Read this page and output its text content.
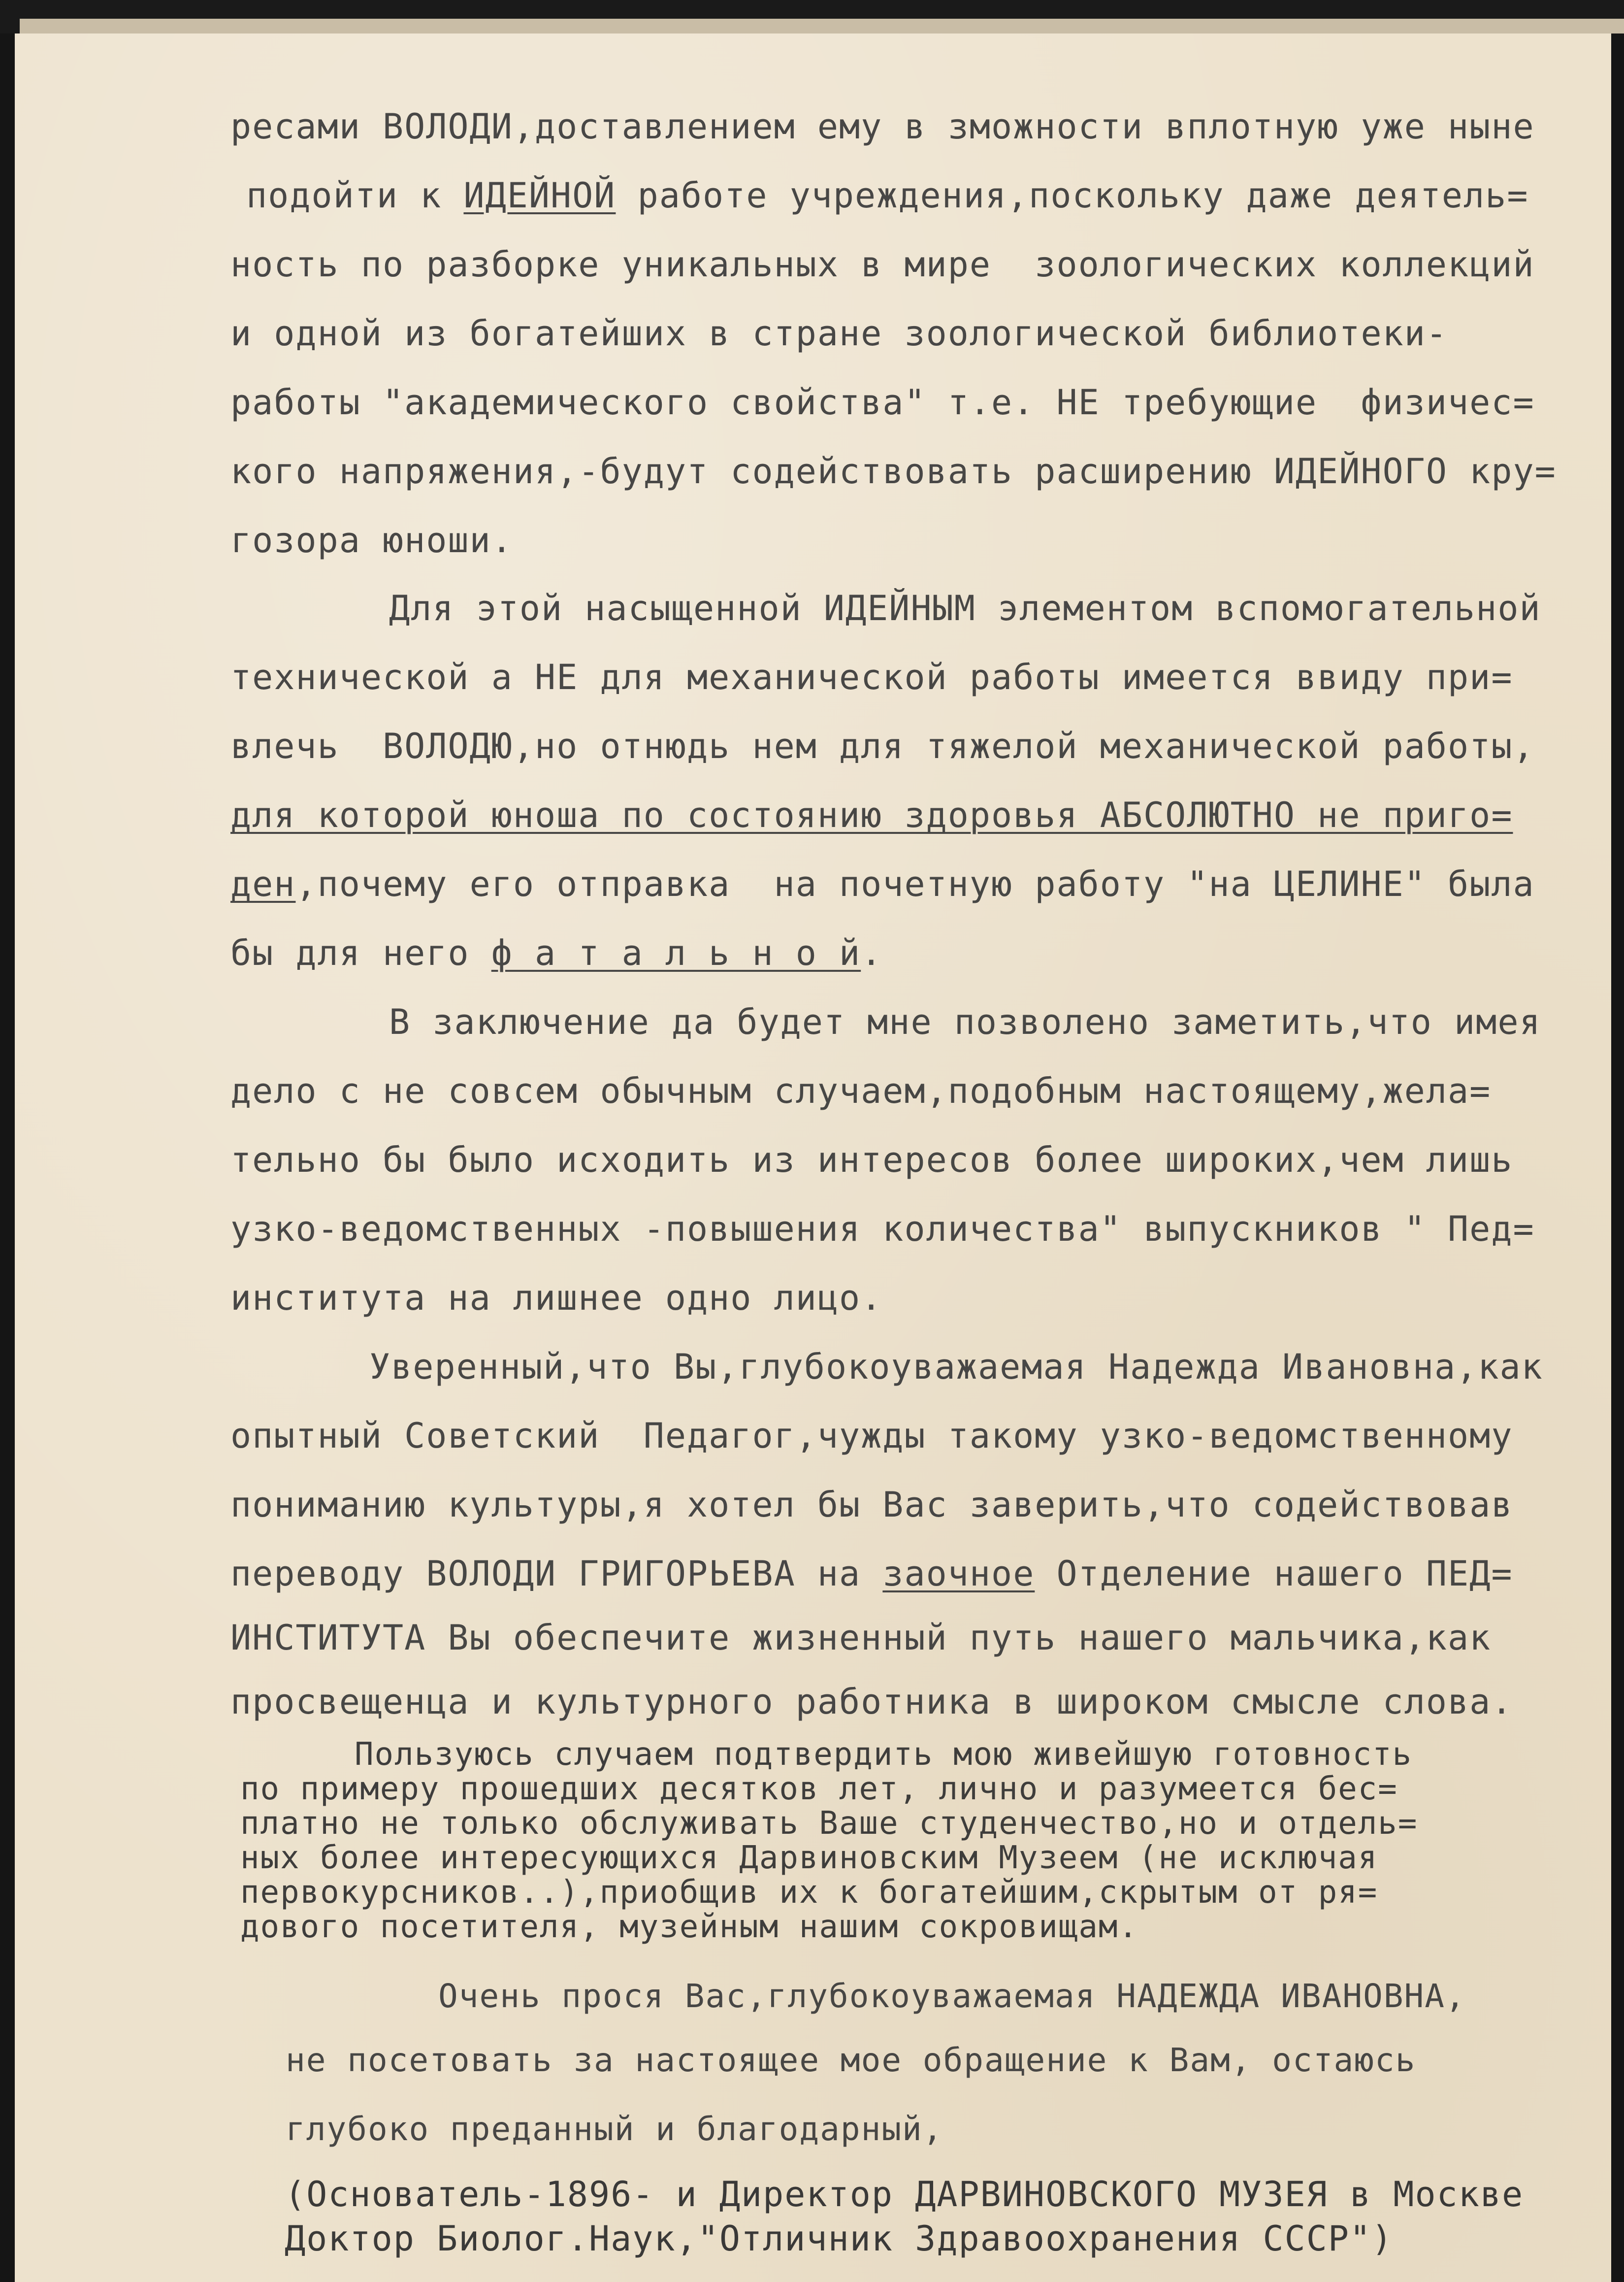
ресами ВОЛОДИ,доставлением ему в зможности вплотную уже ныне
подойти к ИДЕЙНОЙ работе учреждения,поскольку даже деятель=
ность по разборке уникальных в мире  зоологических коллекций
и одной из богатейших в стране зоологической библиотеки-
работы "академического свойства" т.е. НЕ требующие  физичес=
кого напряжения,-будут содействовать расширению ИДЕЙНОГО кру=
гозора юноши.
Для этой насыщенной ИДЕЙНЫМ элементом вспомогательной
технической а НЕ для механической работы имеется ввиду при=
влечь  ВОЛОДЮ,но отнюдь нем для тяжелой механической работы,
для которой юноша по состоянию здоровья АБСОЛЮТНО не приго=
ден,почему его отправка  на почетную работу "на ЦЕЛИНЕ" была
бы для него ф а т а л ь н о й.
В заключение да будет мне позволено заметить,что имея
дело с не совсем обычным случаем,подобным настоящему,жела=
тельно бы было исходить из интересов более широких,чем лишь
узко-ведомственных -повышения количества" выпускников " Пед=
института на лишнее одно лицо.
Уверенный,что Вы,глубокоуважаемая Надежда Ивановна,как
опытный Советский  Педагог,чужды такому узко-ведомственному
пониманию культуры,я хотел бы Вас заверить,что содействовав
переводу ВОЛОДИ ГРИГОРЬЕВА на заочное Отделение нашего ПЕД=
ИНСТИТУТА Вы обеспечите жизненный путь нашего мальчика,как
просвещенца и культурного работника в широком смысле слова.
Пользуюсь случаем подтвердить мою живейшую готовность
по примеру прошедших десятков лет, лично и разумеется бес=
платно не только обслуживать Ваше студенчество,но и отдель=
ных более интересующихся Дарвиновским Музеем (не исключая
первокурсников..),приобщив их к богатейшим,скрытым от ря=
дового посетителя, музейным нашим сокровищам.
Очень прося Вас,глубокоуважаемая НАДЕЖДА ИВАНОВНА,
не посетовать за настоящее мое обращение к Вам, остаюсь
глубоко преданный и благодарный,
(Основатель-1896- и Директор ДАРВИНОВСКОГО МУЗЕЯ в Москве
Доктор Биолог.Наук,"Отличник Здравоохранения СССР")
